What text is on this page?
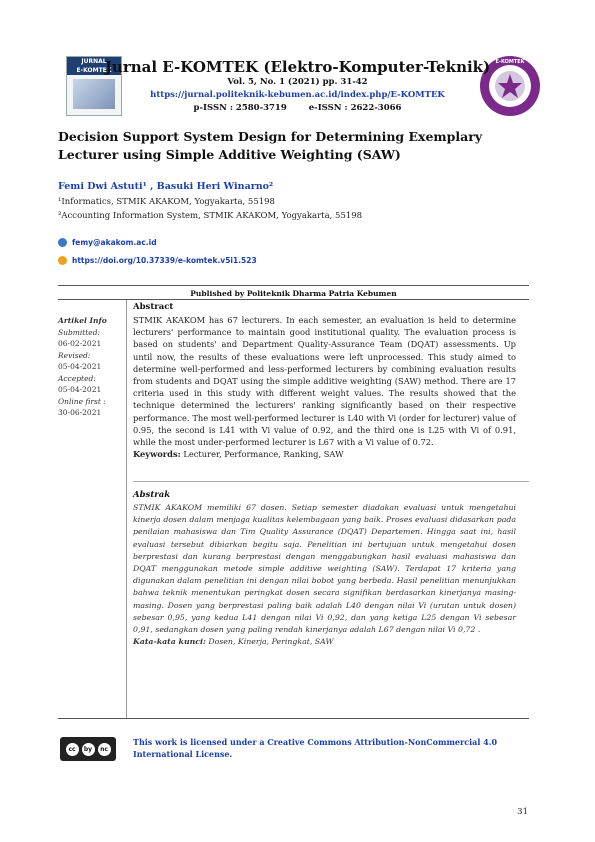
JURNAL
E-KOMTEK
E-KOMTEK
Jurnal E-KOMTEK (Elektro-Komputer-Teknik)
Vol. 5, No. 1 (2021) pp. 31-42
https://jurnal.politeknik-kebumen.ac.id/index.php/E-KOMTEK
p-ISSN : 2580-3719	e-ISSN : 2622-3066
Decision Support System Design for Determining Exemplary Lecturer using Simple Additive Weighting (SAW)
Femi Dwi Astuti¹ , Basuki Heri Winarno²
¹Informatics, STMIK AKAKOM, Yogyakarta, 55198
²Accounting Information System, STMIK AKAKOM, Yogyakarta, 55198
femy@akakom.ac.id
https://doi.org/10.37339/e-komtek.v5i1.523
Published by Politeknik Dharma Patria Kebumen
Artikel Info
Submitted:
06-02-2021
Revised:
05-04-2021
Accepted:
05-04-2021
Online first :
30-06-2021
Abstract
STMIK AKAKOM has 67 lecturers. In each semester, an evaluation is held to determine lecturers' performance to maintain good institutional quality. The evaluation process is based on students' and Department Quality-Assurance Team (DQAT) assessments. Up until now, the results of these evaluations were left unprocessed. This study aimed to determine well-performed and less-performed lecturers by combining evaluation results from students and DQAT using the simple additive weighting (SAW) method. There are 17 criteria used in this study with different weight values. The results showed that the technique determined the lecturers' ranking significantly based on their respective performance. The most well-performed lecturer is L40 with Vi (order for lecturer) value of 0.95, the second is L41 with Vi value of 0.92, and the third one is L25 with Vi of 0.91, while the most under-performed lecturer is L67 with a Vi value of 0.72.
Keywords: Lecturer, Performance, Ranking, SAW
Abstrak
STMIK AKAKOM memiliki 67 dosen. Setiap semester diadakan evaluasi untuk mengetahui kinerja dosen dalam menjaga kualitas kelembagaan yang baik. Proses evaluasi didasarkan pada penilaian mahasiswa dan Tim Quality Assurance (DQAT) Departemen. Hingga saat ini, hasil evaluasi tersebut dibiarkan begitu saja. Penelitian ini bertujuan untuk mengetahui dosen berprestasi dan kurang berprestasi dengan menggabungkan hasil evaluasi mahasiswa dan DQAT menggunakan metode simple additive weighting (SAW). Terdapat 17 kriteria yang digunakan dalam penelitian ini dengan nilai bobot yang berbeda. Hasil penelitian menunjukkan bahwa teknik menentukan peringkat dosen secara signifikan berdasarkan kinerjanya masing-masing. Dosen yang berprestasi paling baik adalah L40 dengan nilai Vi (urutan untuk dosen) sebesar 0,95, yang kedua L41 dengan nilai Vi 0,92, dan yang ketiga L25 dengan Vi sebesar 0,91, sedangkan dosen yang paling rendah kinerjanya adalah L67 dengan nilai Vi 0,72 .
Kata-kata kunci: Dosen, Kinerja, Peringkat, SAW
cc	by	nc
This work is licensed under a Creative Commons Attribution-NonCommercial 4.0 International License.
31
